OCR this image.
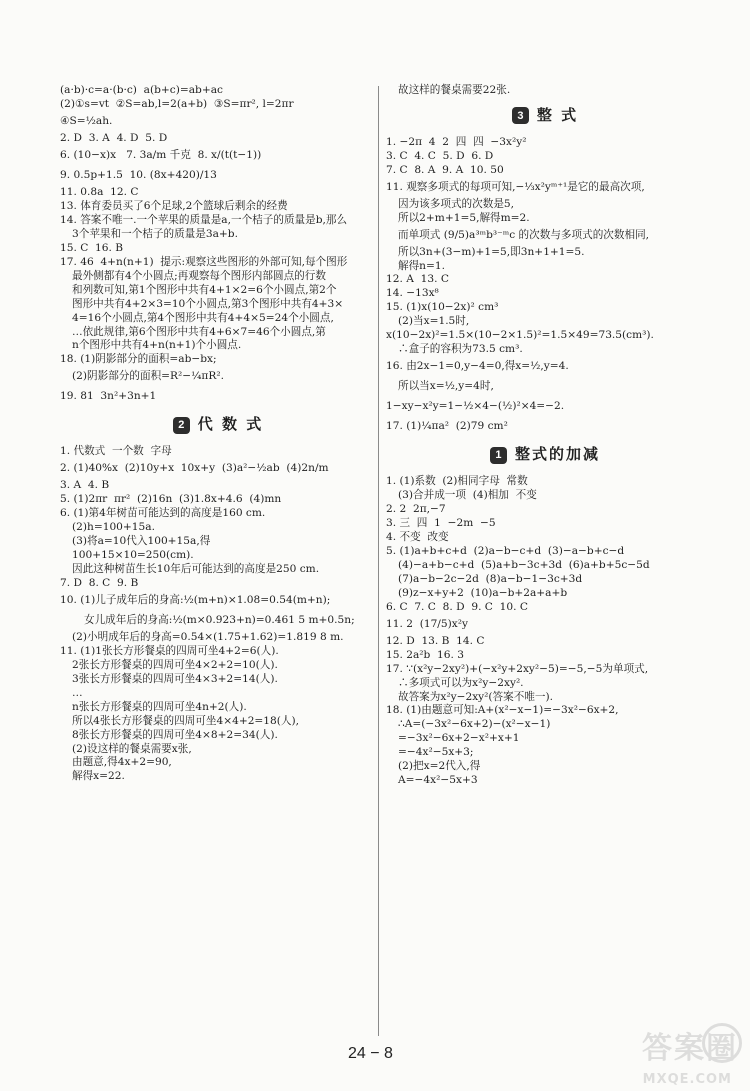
(a·b)·c=a·(b·c)  a(b+c)=ab+ac
(2)①s=vt  ②S=ab,l=2(a+b)  ③S=πr², l=2πr
④S=½ah.
2. D  3. A  4. D  5. D
6. (10−x)x   7. 3a/m 千克  8. x/(t(t−1))
9. 0.5p+1.5  10. (8x+420)/13
11. 0.8a  12. C
13. 体育委员买了6个足球,2个篮球后剩余的经费
14. 答案不唯一.一个苹果的质量是a,一个桔子的质量是b,那么
3个苹果和一个桔子的质量是3a+b.
15. C  16. B
17. 46  4+n(n+1)  提示:观察这些图形的外部可知,每个图形
最外侧都有4个小圆点;再观察每个图形内部圆点的行数
和列数可知,第1个图形中共有4+1×2=6个小圆点,第2个
图形中共有4+2×3=10个小圆点,第3个图形中共有4+3×
4=16个小圆点,第4个图形中共有4+4×5=24个小圆点,
…依此规律,第6个图形中共有4+6×7=46个小圆点,第
n个图形中共有4+n(n+1)个小圆点.
18. (1)阴影部分的面积=ab−bx;
(2)阴影部分的面积=R²−¼πR².
19. 81  3n²+3n+1
2 代 数 式
1. 代数式  一个数  字母
2. (1)40%x  (2)10y+x  10x+y  (3)a²−½ab  (4)2n/m
3. A  4. B
5. (1)2πr  πr²  (2)16n  (3)1.8x+4.6  (4)mn
6. (1)第4年树苗可能达到的高度是160 cm.
(2)h=100+15a.
(3)将a=10代入100+15a,得
100+15×10=250(cm).
因此这种树苗生长10年后可能达到的高度是250 cm.
7. D  8. C  9. B
10. (1)儿子成年后的身高:½(m+n)×1.08=0.54(m+n);
女儿成年后的身高:½(m×0.923+n)=0.461 5 m+0.5n;
(2)小明成年后的身高=0.54×(1.75+1.62)=1.819 8 m.
11. (1)1张长方形餐桌的四周可坐4+2=6(人).
2张长方形餐桌的四周可坐4×2+2=10(人).
3张长方形餐桌的四周可坐4×3+2=14(人).
…
n张长方形餐桌的四周可坐4n+2(人).
所以4张长方形餐桌的四周可坐4×4+2=18(人),
8张长方形餐桌的四周可坐4×8+2=34(人).
(2)设这样的餐桌需要x张,
由题意,得4x+2=90,
解得x=22.
故这样的餐桌需要22张.
3 整 式
1. −2π  4  2  四  四  −3x²y²
3. C  4. C  5. D  6. D
7. C  8. A  9. A  10. 50
11. 观察多项式的每项可知,−⅓x²yᵐ⁺¹是它的最高次项,
因为该多项式的次数是5,
所以2+m+1=5,解得m=2.
而单项式 (9/5)a³ᵐb³⁻ᵐc 的次数与多项式的次数相同,
所以3n+(3−m)+1=5,即3n+1+1=5.
解得n=1.
12. A  13. C
14. −13x⁸
15. (1)x(10−2x)² cm³
(2)当x=1.5时,
x(10−2x)²=1.5×(10−2×1.5)²=1.5×49=73.5(cm³).
∴盒子的容积为73.5 cm³.
16. 由2x−1=0,y−4=0,得x=½,y=4.
所以当x=½,y=4时,
1−xy−x²y=1−½×4−(½)²×4=−2.
17. (1)¼πa²  (2)79 cm²
1 整式的加减
1. (1)系数  (2)相同字母  常数
(3)合并成一项  (4)相加  不变
2. 2  2π,−7
3. 三  四  1  −2m  −5
4. 不变  改变
5. (1)a+b+c+d  (2)a−b−c+d  (3)−a−b+c−d
(4)−a+b−c+d  (5)a+b−3c+3d  (6)a+b+5c−5d
(7)a−b−2c−2d  (8)a−b−1−3c+3d
(9)z−x+y+2  (10)a−b+2a+a+b
6. C  7. C  8. D  9. C  10. C
11. 2  (17/5)x²y
12. D  13. B  14. C
15. 2a²b  16. 3
17. ∵(x²y−2xy²)+(−x²y+2xy²−5)=−5,−5为单项式,
∴多项式可以为x²y−2xy².
故答案为x²y−2xy²(答案不唯一).
18. (1)由题意可知:A+(x²−x−1)=−3x²−6x+2,
∴A=(−3x²−6x+2)−(x²−x−1)
=−3x²−6x+2−x²+x+1
=−4x²−5x+3;
(2)把x=2代入,得
A=−4x²−5x+3
24 − 8	答案圈
MXQE.COM
